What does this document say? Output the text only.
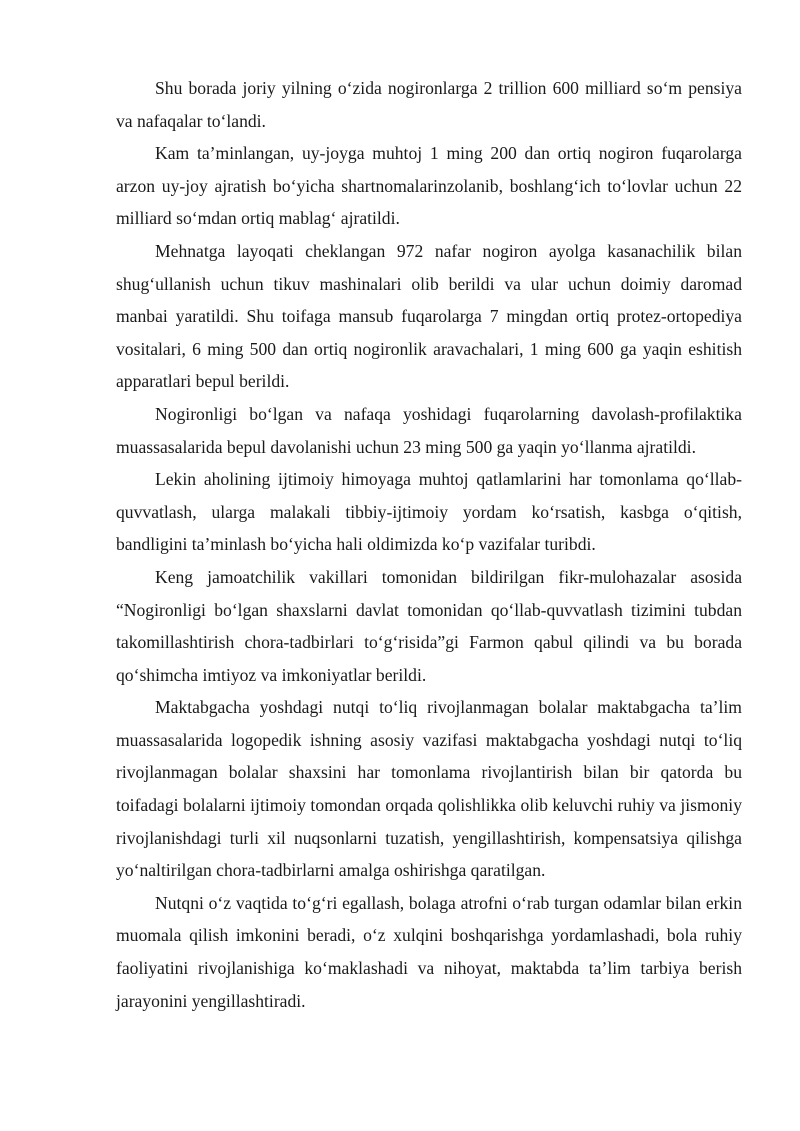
Shu borada joriy yilning o‘zida nogironlarga 2 trillion 600 milliard so‘m pensiya va nafaqalar to‘landi.

Kam ta’minlangan, uy-joyga muhtoj 1 ming 200 dan ortiq nogiron fuqarolarga arzon uy-joy ajratish bo‘yicha shartnomalarinzolanib, boshlang‘ich to‘lovlar uchun 22 milliard so‘mdan ortiq mablag‘ ajratildi.

Mehnatga layoqati cheklangan 972 nafar nogiron ayolga kasanachilik bilan shug‘ullanish uchun tikuv mashinalari olib berildi va ular uchun doimiy daromad manbai yaratildi. Shu toifaga mansub fuqarolarga 7 mingdan ortiq protez-ortopediya vositalari, 6 ming 500 dan ortiq nogironlik aravachalari, 1 ming 600 ga yaqin eshitish apparatlari bepul berildi.

Nogironligi bo‘lgan va nafaqa yoshidagi fuqarolarning davolash-profilaktika muassasalarida bepul davolanishi uchun 23 ming 500 ga yaqin yo‘llanma ajratildi.

Lekin aholining ijtimoiy himoyaga muhtoj qatlamlarini har tomonlama qo‘llab-quvvatlash, ularga malakali tibbiy-ijtimoiy yordam ko‘rsatish, kasbga o‘qitish, bandligini ta’minlash bo‘yicha hali oldimizda ko‘p vazifalar turibdi.

Keng jamoatchilik vakillari tomonidan bildirilgan fikr-mulohazalar asosida “Nogironligi bo‘lgan shaxslarni davlat tomonidan qo‘llab-quvvatlash tizimini tubdan takomillashtirish chora-tadbirlari to‘g‘risida”gi Farmon qabul qilindi va bu borada qo‘shimcha imtiyoz va imkoniyatlar berildi.

Maktabgacha yoshdagi nutqi to‘liq rivojlanmagan bolalar maktabgacha ta’lim muassasalarida logopedik ishning asosiy vazifasi maktabgacha yoshdagi nutqi to‘liq rivojlanmagan bolalar shaxsini har tomonlama rivojlantirish bilan bir qatorda bu toifadagi bolalarni ijtimoiy tomondan orqada qolishlikka olib keluvchi ruhiy va jismoniy rivojlanishdagi turli xil nuqsonlarni tuzatish, yengillashtirish, kompensatsiya qilishga yo‘naltirilgan chora-tadbirlarni amalga oshirishga qaratilgan.

Nutqni o‘z vaqtida to‘g‘ri egallash, bolaga atrofni o‘rab turgan odamlar bilan erkin muomala qilish imkonini beradi, o‘z xulqini boshqarishga yordamlashadi, bola ruhiy faoliyatini rivojlanishiga ko‘maklashadi va nihoyat, maktabda ta’lim tarbiya berish jarayonini yengillashtiradi.
